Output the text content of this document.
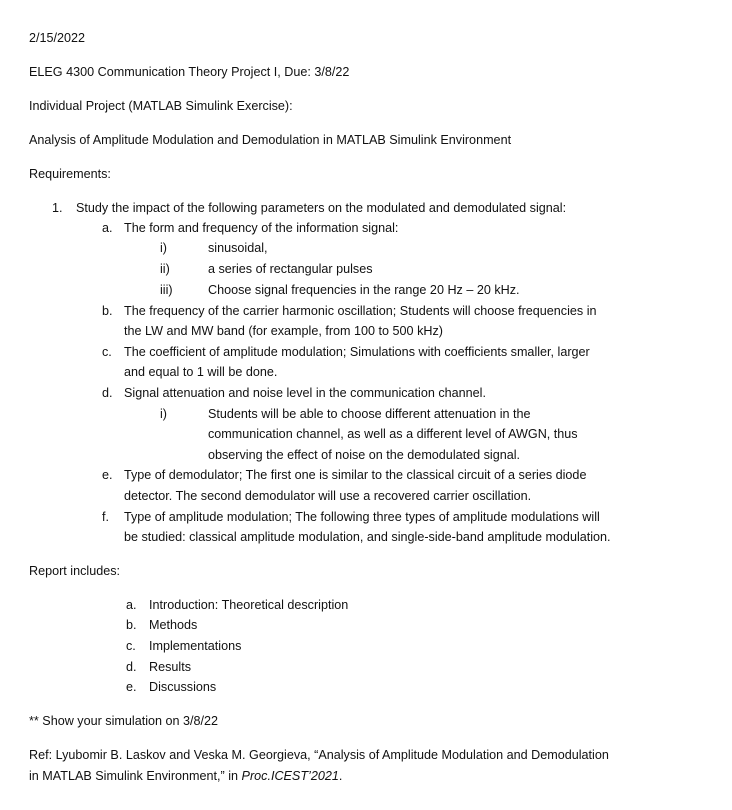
2/15/2022
ELEG 4300 Communication Theory Project I, Due: 3/8/22
Individual Project (MATLAB Simulink Exercise):
Analysis of Amplitude Modulation and Demodulation in MATLAB Simulink Environment
Requirements:
1. Study the impact of the following parameters on the modulated and demodulated signal:
a. The form and frequency of the information signal:
i)	sinusoidal,
ii)	a series of rectangular pulses
iii)	Choose signal frequencies in the range 20 Hz – 20 kHz.
b. The frequency of the carrier harmonic oscillation; Students will choose frequencies in
the LW and MW band (for example, from 100 to 500 kHz)
c. The coefficient of amplitude modulation; Simulations with coefficients smaller, larger
and equal to 1 will be done.
d. Signal attenuation and noise level in the communication channel.
i)	Students will be able to choose different attenuation in the
communication channel, as well as a different level of AWGN, thus
observing the effect of noise on the demodulated signal.
e. Type of demodulator; The first one is similar to the classical circuit of a series diode
detector. The second demodulator will use a recovered carrier oscillation.
f. Type of amplitude modulation; The following three types of amplitude modulations will
be studied: classical amplitude modulation, and single-side-band amplitude modulation.
Report includes:
a. Introduction: Theoretical description
b. Methods
c. Implementations
d. Results
e. Discussions
** Show your simulation on 3/8/22
Ref: Lyubomir B. Laskov and Veska M. Georgieva, “Analysis of Amplitude Modulation and Demodulation
in MATLAB Simulink Environment,” in Proc.ICEST’2021.
